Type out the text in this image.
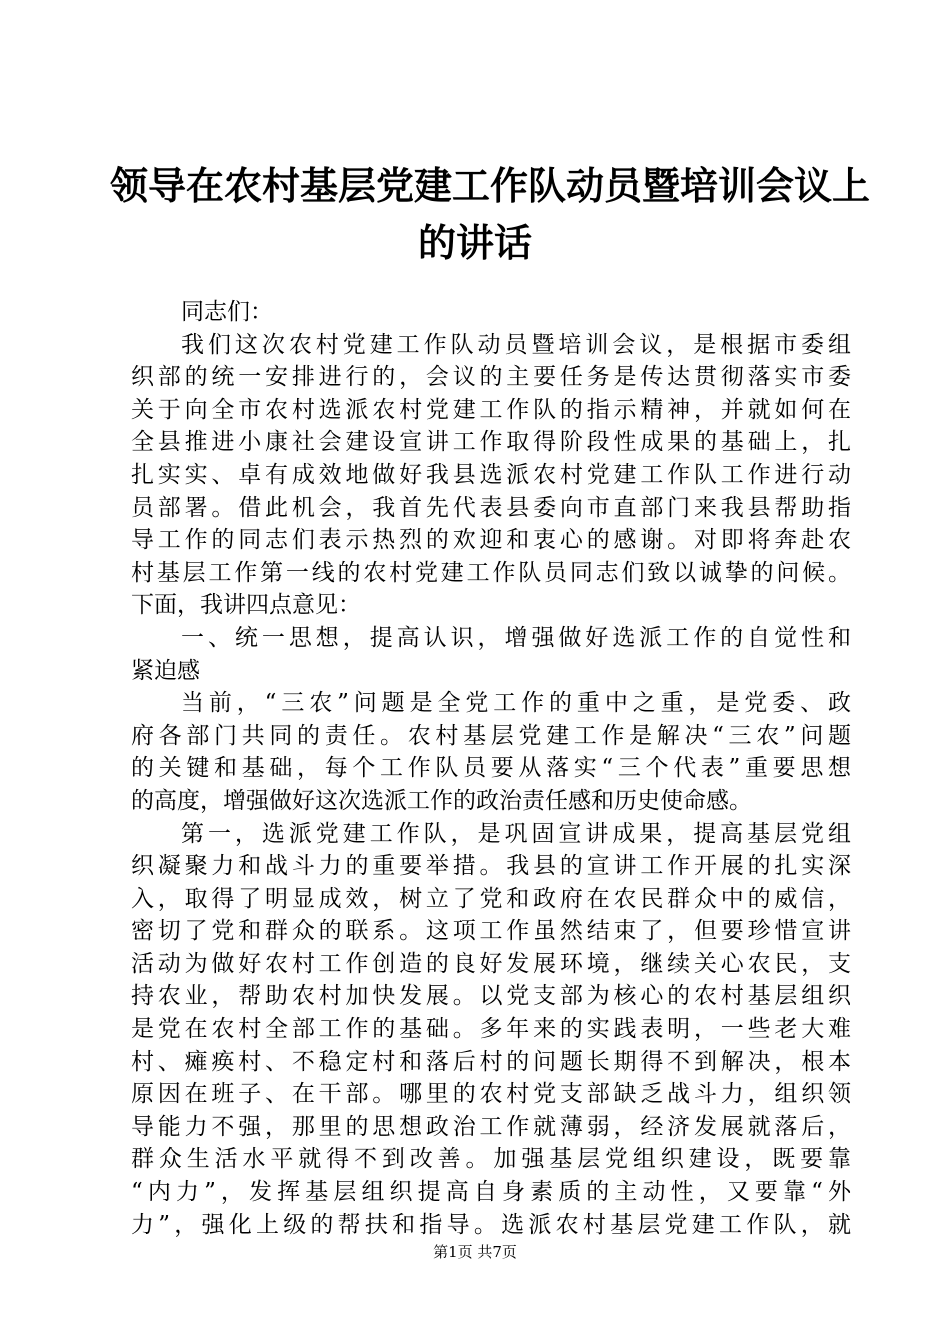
领导在农村基层党建工作队动员暨培训会议上
的讲话
同志们：
我们这次农村党建工作队动员暨培训会议，是根据市委组
织部的统一安排进行的，会议的主要任务是传达贯彻落实市委
关于向全市农村选派农村党建工作队的指示精神，并就如何在
全县推进小康社会建设宣讲工作取得阶段性成果的基础上，扎
扎实实、卓有成效地做好我县选派农村党建工作队工作进行动
员部署。借此机会，我首先代表县委向市直部门来我县帮助指
导工作的同志们表示热烈的欢迎和衷心的感谢。对即将奔赴农
村基层工作第一线的农村党建工作队员同志们致以诚挚的问候。
下面，我讲四点意见：
一、统一思想，提高认识，增强做好选派工作的自觉性和
紧迫感
当前，“三农”问题是全党工作的重中之重，是党委、政
府各部门共同的责任。农村基层党建工作是解决“三农”问题
的关键和基础，每个工作队员要从落实“三个代表”重要思想
的高度，增强做好这次选派工作的政治责任感和历史使命感。
第一，选派党建工作队，是巩固宣讲成果，提高基层党组
织凝聚力和战斗力的重要举措。我县的宣讲工作开展的扎实深
入，取得了明显成效，树立了党和政府在农民群众中的威信，
密切了党和群众的联系。这项工作虽然结束了，但要珍惜宣讲
活动为做好农村工作创造的良好发展环境，继续关心农民，支
持农业，帮助农村加快发展。以党支部为核心的农村基层组织
是党在农村全部工作的基础。多年来的实践表明，一些老大难
村、瘫痪村、不稳定村和落后村的问题长期得不到解决，根本
原因在班子、在干部。哪里的农村党支部缺乏战斗力，组织领
导能力不强，那里的思想政治工作就薄弱，经济发展就落后，
群众生活水平就得不到改善。加强基层党组织建设，既要靠
“内力”，发挥基层组织提高自身素质的主动性，又要靠“外
力”，强化上级的帮扶和指导。选派农村基层党建工作队，就
第1页 共7页
